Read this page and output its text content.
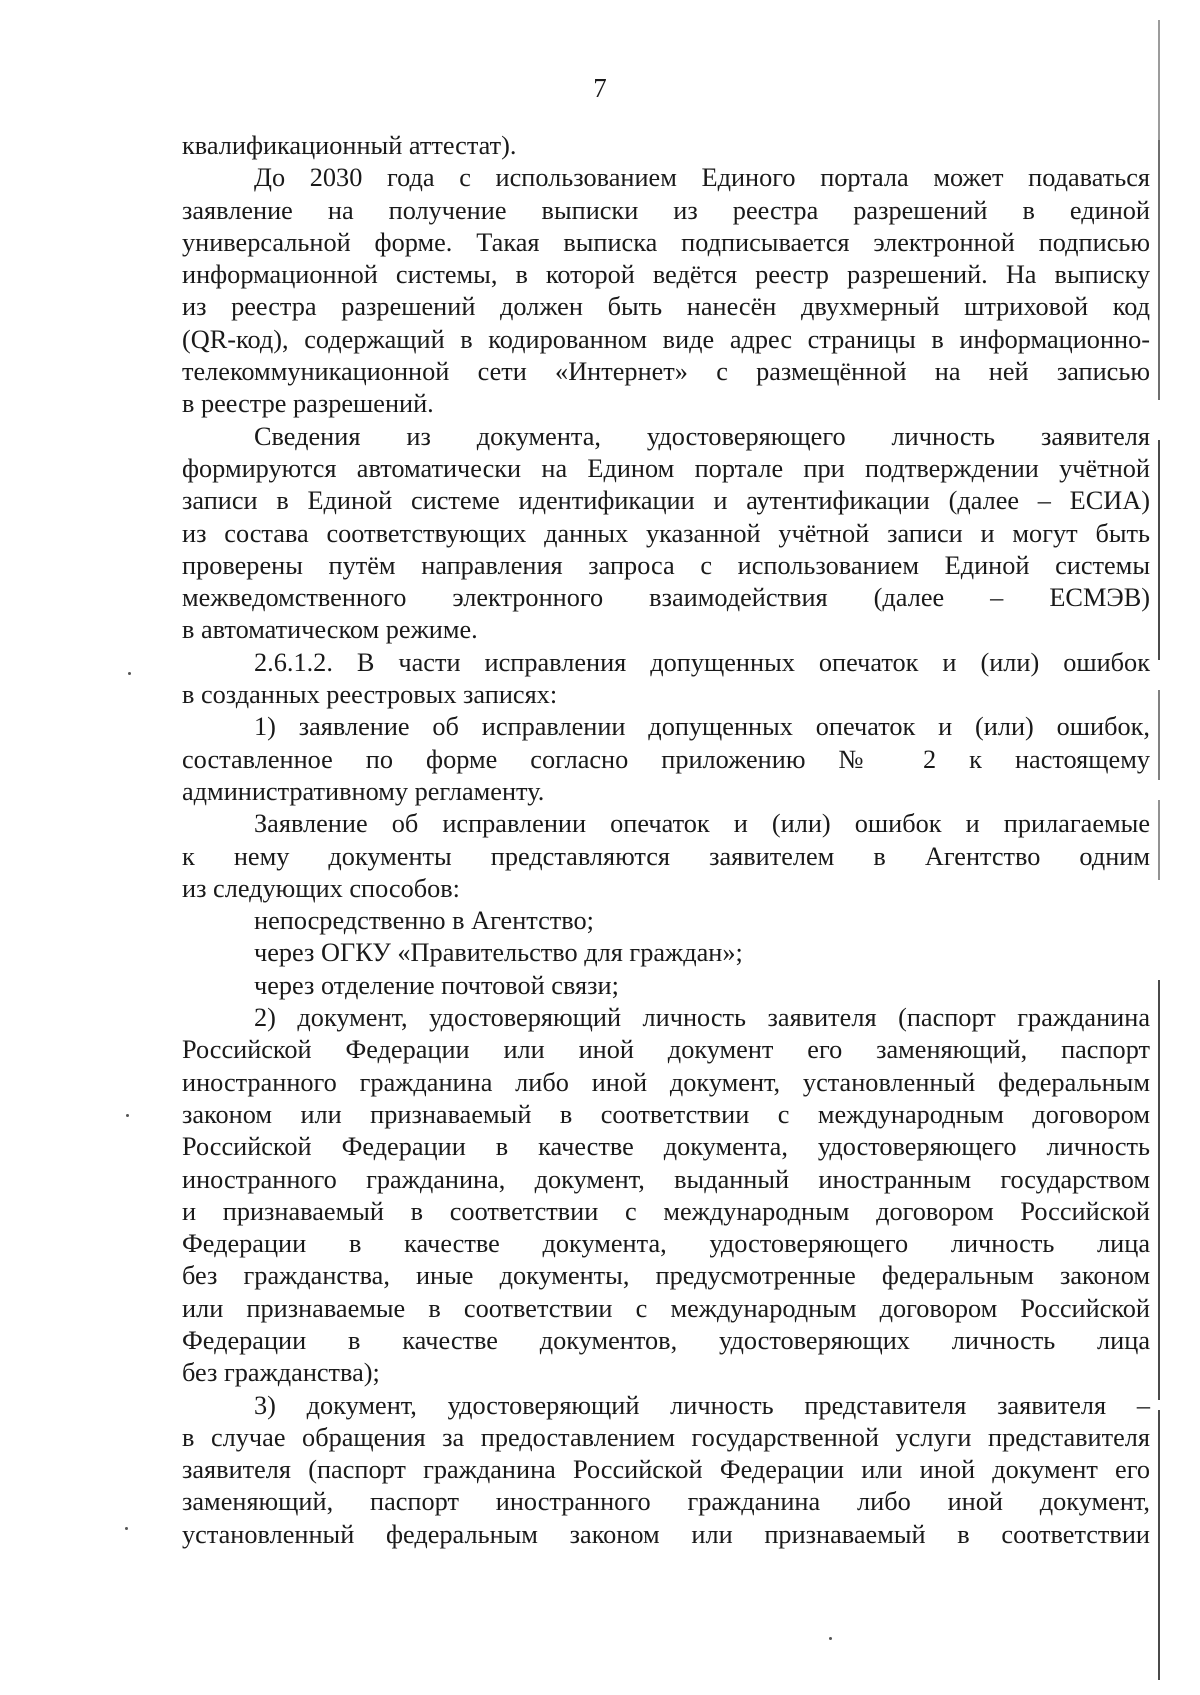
7
квалификационный аттестат).
До 2030 года с использованием Единого портала может подаваться
заявление на получение выписки из реестра разрешений в единой
универсальной форме. Такая выписка подписывается электронной подписью
информационной системы, в которой ведётся реестр разрешений. На выписку
из реестра разрешений должен быть нанесён двухмерный штриховой код
(QR-код), содержащий в кодированном виде адрес страницы в информационно-
телекоммуникационной сети «Интернет» с размещённой на ней записью
в реестре разрешений.
Сведения из документа, удостоверяющего личность заявителя
формируются автоматически на Едином портале при подтверждении учётной
записи в Единой системе идентификации и аутентификации (далее – ЕСИА)
из состава соответствующих данных указанной учётной записи и могут быть
проверены путём направления запроса с использованием Единой системы
межведомственного электронного взаимодействия (далее – ЕСМЭВ)
в автоматическом режиме.
2.6.1.2. В части исправления допущенных опечаток и (или) ошибок
в созданных реестровых записях:
1) заявление об исправлении допущенных опечаток и (или) ошибок,
составленное по форме согласно приложению № 2 к настоящему
административному регламенту.
Заявление об исправлении опечаток и (или) ошибок и прилагаемые
к нему документы представляются заявителем в Агентство одним
из следующих способов:
непосредственно в Агентство;
через ОГКУ «Правительство для граждан»;
через отделение почтовой связи;
2) документ, удостоверяющий личность заявителя (паспорт гражданина
Российской Федерации или иной документ его заменяющий, паспорт
иностранного гражданина либо иной документ, установленный федеральным
законом или признаваемый в соответствии с международным договором
Российской Федерации в качестве документа, удостоверяющего личность
иностранного гражданина, документ, выданный иностранным государством
и признаваемый в соответствии с международным договором Российской
Федерации в качестве документа, удостоверяющего личность лица
без гражданства, иные документы, предусмотренные федеральным законом
или признаваемые в соответствии с международным договором Российской
Федерации в качестве документов, удостоверяющих личность лица
без гражданства);
3) документ, удостоверяющий личность представителя заявителя –
в случае обращения за предоставлением государственной услуги представителя
заявителя (паспорт гражданина Российской Федерации или иной документ его
заменяющий, паспорт иностранного гражданина либо иной документ,
установленный федеральным законом или признаваемый в соответствии
